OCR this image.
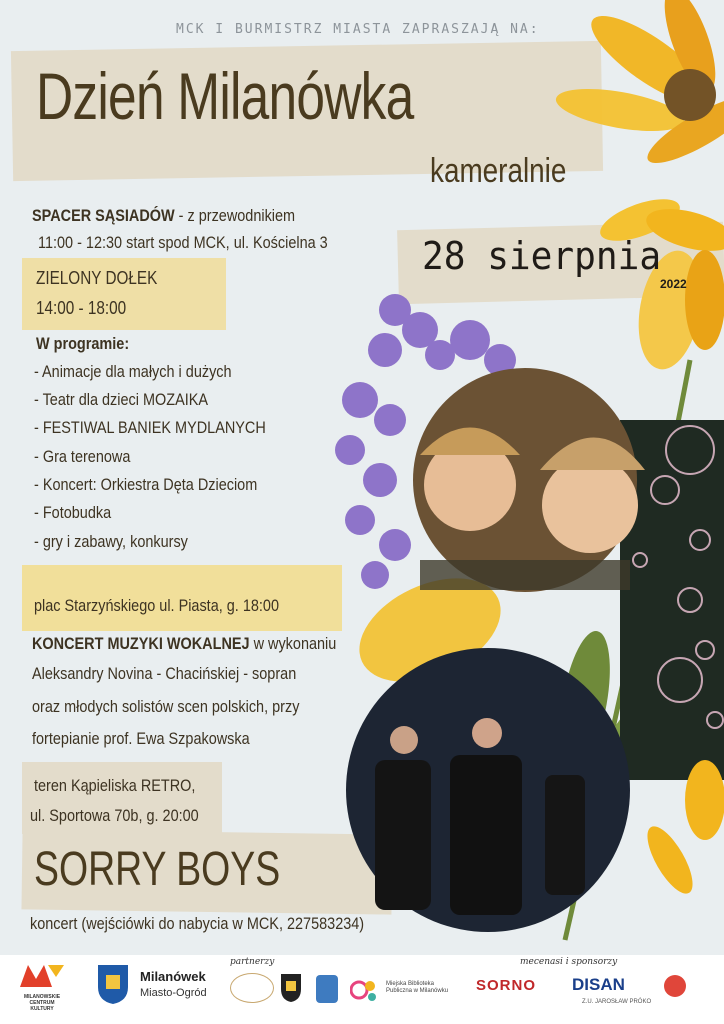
MCK I BURMISTRZ MIASTA ZAPRASZAJĄ NA:
Dzień Milanówka
kameralnie
28 sierpnia
2022
SPACER SĄSIADÓW - z przewodnikiem
11:00 - 12:30 start spod MCK, ul. Kościelna 3
ZIELONY DOŁEK
14:00 - 18:00
W programie:
- Animacje dla małych i dużych
- Teatr dla dzieci MOZAIKA
- FESTIWAL BANIEK MYDLANYCH
- Gra terenowa
- Koncert: Orkiestra Dęta Dzieciom
- Fotobudka
- gry i zabawy, konkursy
plac Starzyńskiego ul. Piasta, g. 18:00
KONCERT MUZYKI WOKALNEJ w wykonaniu
Aleksandry Novina - Chacińskiej - sopran
oraz młodych solistów scen polskich, przy
fortepianie prof. Ewa Szpakowska
teren Kąpieliska RETRO,
ul. Sportowa 70b, g. 20:00
SORRY BOYS
koncert (wejściówki do nabycia w MCK, 227583234)
MILANOWSKIE CENTRUM KULTURY
Milanówek
Miasto-Ogród
partnerzy
Miejska Biblioteka Publiczna w Milanówku
mecenasi i sponsorzy
SORNO DISAN
Z.U. JAROSŁAW PRÓKO
